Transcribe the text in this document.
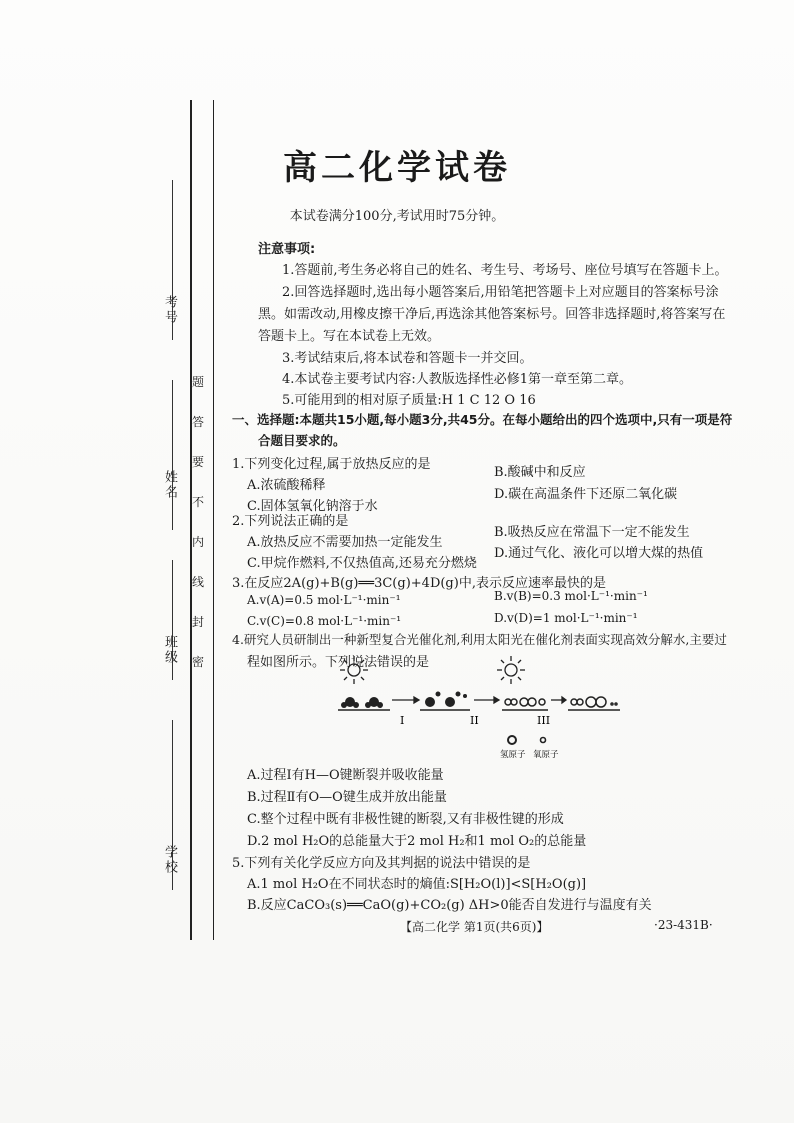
考号
姓名
班级
学校
题
答
要
不
内
线
封
密
高二化学试卷
本试卷满分100分,考试用时75分钟。
注意事项:
1.答题前,考生务必将自己的姓名、考生号、考场号、座位号填写在答题卡上。
2.回答选择题时,选出每小题答案后,用铅笔把答题卡上对应题目的答案标号涂
黑。如需改动,用橡皮擦干净后,再选涂其他答案标号。回答非选择题时,将答案写在
答题卡上。写在本试卷上无效。
3.考试结束后,将本试卷和答题卡一并交回。
4.本试卷主要考试内容:人教版选择性必修1第一章至第二章。
5.可能用到的相对原子质量:H 1 C 12 O 16
一、选择题:本题共15小题,每小题3分,共45分。在每小题给出的四个选项中,只有一项是符
合题目要求的。
1.下列变化过程,属于放热反应的是
A.浓硫酸稀释
B.酸碱中和反应
C.固体氢氧化钠溶于水
D.碳在高温条件下还原二氧化碳
2.下列说法正确的是
A.放热反应不需要加热一定能发生
B.吸热反应在常温下一定不能发生
C.甲烷作燃料,不仅热值高,还易充分燃烧
D.通过气化、液化可以增大煤的热值
3.在反应2A(g)+B(g)══3C(g)+4D(g)中,表示反应速率最快的是
A.v(A)=0.5 mol·L⁻¹·min⁻¹	B.v(B)=0.3 mol·L⁻¹·min⁻¹
C.v(C)=0.8 mol·L⁻¹·min⁻¹	D.v(D)=1 mol·L⁻¹·min⁻¹
4.研究人员研制出一种新型复合光催化剂,利用太阳光在催化剂表面实现高效分解水,主要过
程如图所示。下列说法错误的是
I	II	III
氢原子 氧原子
A.过程Ⅰ有H—O键断裂并吸收能量
B.过程Ⅱ有O—O键生成并放出能量
C.整个过程中既有非极性键的断裂,又有非极性键的形成
D.2 mol H₂O的总能量大于2 mol H₂和1 mol O₂的总能量
5.下列有关化学反应方向及其判据的说法中错误的是
A.1 mol H₂O在不同状态时的熵值:S[H₂O(l)]<S[H₂O(g)]
B.反应CaCO₃(s)══CaO(g)+CO₂(g) ΔH>0能否自发进行与温度有关
【高二化学 第1页(共6页)】	·23-431B·
